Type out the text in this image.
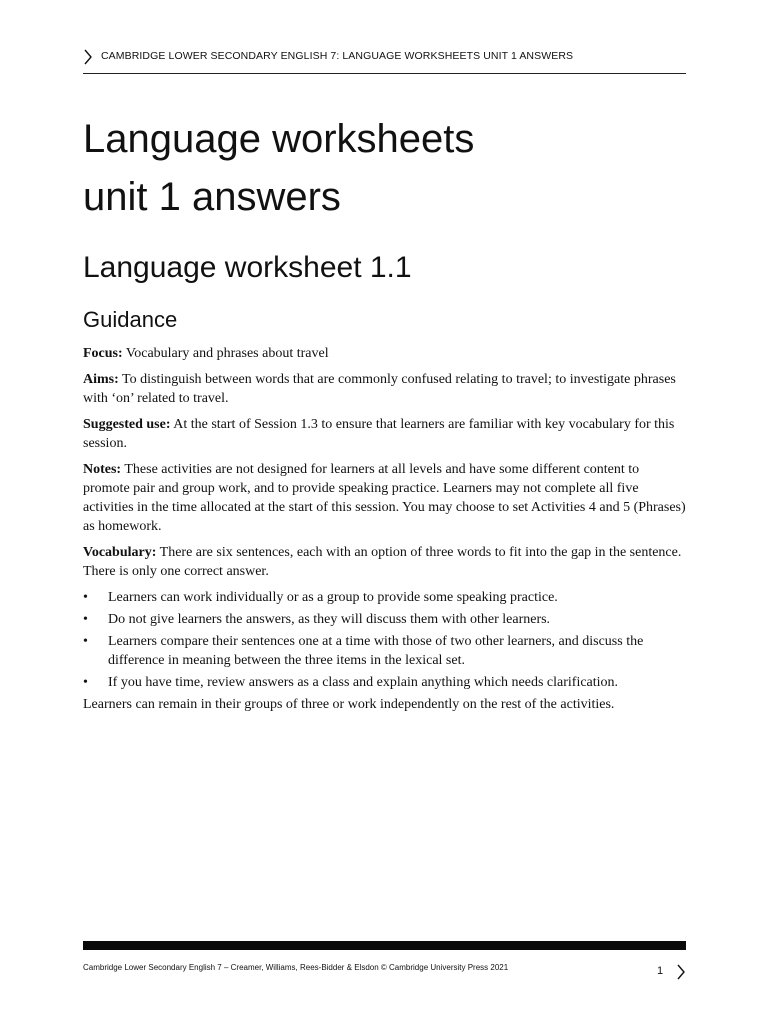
CAMBRIDGE LOWER SECONDARY ENGLISH 7: LANGUAGE WORKSHEETS UNIT 1 ANSWERS
Language worksheets
unit 1 answers
Language worksheet 1.1
Guidance

Focus: Vocabulary and phrases about travel

Aims: To distinguish between words that are commonly confused relating to travel; to investigate phrases with ‘on’ related to travel.

Suggested use: At the start of Session 1.3 to ensure that learners are familiar with key vocabulary for this session.

Notes: These activities are not designed for learners at all levels and have some different content to promote pair and group work, and to provide speaking practice. Learners may not complete all five activities in the time allocated at the start of this session. You may choose to set Activities 4 and 5 (Phrases) as homework.

Vocabulary: There are six sentences, each with an option of three words to fit into the gap in the sentence. There is only one correct answer.

• Learners can work individually or as a group to provide some speaking practice.
• Do not give learners the answers, as they will discuss them with other learners.
• Learners compare their sentences one at a time with those of two other learners, and discuss the difference in meaning between the three items in the lexical set.
• If you have time, review answers as a class and explain anything which needs clarification.

Learners can remain in their groups of three or work independently on the rest of the activities.

Cambridge Lower Secondary English 7 – Creamer, Williams, Rees-Bidder & Elsdon © Cambridge University Press 2021	1
